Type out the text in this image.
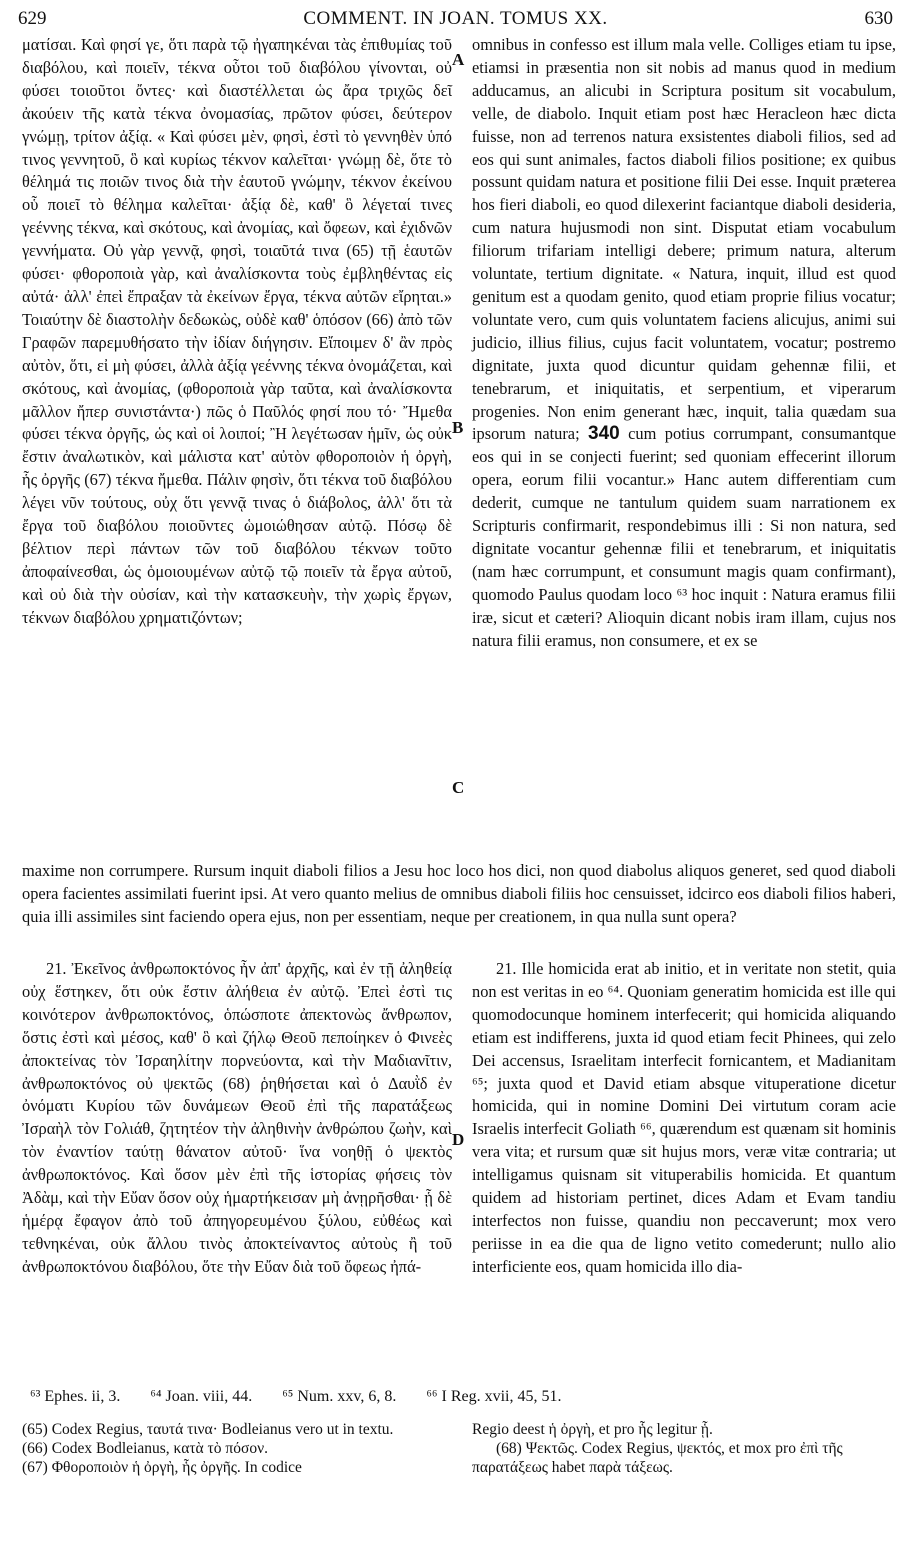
629	COMMENT. IN JOAN. TOMUS XX.	630

ματίσαι. Καὶ φησί γε, ὅτι παρὰ τῷ ἠγαπηκέναι τὰς ἐπιθυμίας τοῦ διαβόλου, καὶ ποιεῖν, τέκνα οὗτοι τοῦ διαβόλου γίνονται, οὐ φύσει τοιοῦτοι ὄντες· καὶ διαστέλλεται ὡς ἄρα τριχῶς δεῖ ἀκούειν τῆς κατὰ τέκνα ὀνομασίας, πρῶτον φύσει, δεύτερον γνώμῃ, τρίτον ἀξίᾳ. « Καὶ φύσει μὲν, φησὶ, ἐστὶ τὸ γεννηθὲν ὑπό τινος γεννητοῦ, ὃ καὶ κυρίως τέκνον καλεῖται· γνώμῃ δὲ, ὅτε τὸ θέλημά τις ποιῶν τινος διὰ τὴν ἑαυτοῦ γνώμην, τέκνον ἐκείνου οὗ ποιεῖ τὸ θέλημα καλεῖται· ἀξίᾳ δὲ, καθ' ὃ λέγεταί τινες γεέννης τέκνα, καὶ σκότους, καὶ ἀνομίας, καὶ ὄφεων, καὶ ἐχιδνῶν γεννήματα. Οὐ γὰρ γεννᾷ, φησὶ, τοιαῦτά τινα (65) τῇ ἑαυτῶν φύσει· φθοροποιὰ γὰρ, καὶ ἀναλίσκοντα τοὺς ἐμβληθέντας εἰς αὐτά· ἀλλ' ἐπεὶ ἔπραξαν τὰ ἐκείνων ἔργα, τέκνα αὐτῶν εἴρηται.» Τοιαύτην δὲ διαστολὴν δεδωκὼς, οὐδὲ καθ' ὁπόσον (66) ἀπὸ τῶν Γραφῶν παρεμυθήσατο τὴν ἰδίαν διήγησιν. Εἴποιμεν δ' ἂν πρὸς αὐτὸν, ὅτι, εἰ μὴ φύσει, ἀλλὰ ἀξίᾳ γεέννης τέκνα ὀνομάζεται, καὶ σκότους, καὶ ἀνομίας, (φθοροποιὰ γὰρ ταῦτα, καὶ ἀναλίσκοντα μᾶλλον ἤπερ συνιστάντα·) πῶς ὁ Παῦλός φησί που τό· Ἤμεθα φύσει τέκνα ὀργῆς, ὡς καὶ οἱ λοιποί; Ἢ λεγέτωσαν ἡμῖν, ὡς οὐκ ἔστιν ἀναλωτικὸν, καὶ μάλιστα κατ' αὐτὸν φθοροποιὸν ἡ ὀργὴ, ἧς ὀργῆς (67) τέκνα ἤμεθα. Πάλιν φησὶν, ὅτι τέκνα τοῦ διαβόλου λέγει νῦν τούτους, οὐχ ὅτι γεννᾷ τινας ὁ διάβολος, ἀλλ' ὅτι τὰ ἔργα τοῦ διαβόλου ποιοῦντες ὡμοιώθησαν αὐτῷ. Πόσῳ δὲ βέλτιον περὶ πάντων τῶν τοῦ διαβόλου τέκνων τοῦτο ἀποφαίνεσθαι, ὡς ὁμοιουμένων αὐτῷ τῷ ποιεῖν τὰ ἔργα αὐτοῦ, καὶ οὐ διὰ τὴν οὐσίαν, καὶ τὴν κατασκευὴν, τὴν χωρὶς ἔργων, τέκνων διαβόλου χρηματιζόντων;

A
B
C
D

omnibus in confesso est illum mala velle. Colliges etiam tu ipse, etiamsi in præsentia non sit nobis ad manus quod in medium adducamus, an alicubi in Scriptura positum sit vocabulum, velle, de diabolo. Inquit etiam post hæc Heracleon hæc dicta fuisse, non ad terrenos natura exsistentes diaboli filios, sed ad eos qui sunt animales, factos diaboli filios positione; ex quibus possunt quidam natura et positione filii Dei esse. Inquit præterea hos fieri diaboli, eo quod dilexerint faciantque diaboli desideria, cum natura hujusmodi non sint. Disputat etiam vocabulum filiorum trifariam intelligi debere; primum natura, alterum voluntate, tertium dignitate. « Natura, inquit, illud est quod genitum est a quodam genito, quod etiam proprie filius vocatur; voluntate vero, cum quis voluntatem faciens alicujus, animi sui judicio, illius filius, cujus facit voluntatem, vocatur; postremo dignitate, juxta quod dicuntur quidam gehennæ filii, et tenebrarum, et iniquitatis, et serpentium, et viperarum progenies. Non enim generant hæc, inquit, talia quædam sua ipsorum natura; 340 cum potius corrumpant, consumantque eos qui in se conjecti fuerint; sed quoniam effecerint illorum opera, eorum filii vocantur.» Hanc autem differentiam cum dederit, cumque ne tantulum quidem suam narrationem ex Scripturis confirmarit, respondebimus illi : Si non natura, sed dignitate vocantur gehennæ filii et tenebrarum, et iniquitatis (nam hæc corrumpunt, et consumunt magis quam confirmant), quomodo Paulus quodam loco ⁶³ hoc inquit : Natura eramus filii iræ, sicut et cæteri? Alioquin dicant nobis iram illam, cujus nos natura filii eramus, non consumere, et ex se

maxime non corrumpere. Rursum inquit diaboli filios a Jesu hoc loco hos dici, non quod diabolus aliquos generet, sed quod diaboli opera facientes assimilati fuerint ipsi. At vero quanto melius de omnibus diaboli filiis hoc censuisset, idcirco eos diaboli filios haberi, quia illi assimiles sint faciendo opera ejus, non per essentiam, neque per creationem, in qua nulla sunt opera?

21. Ἐκεῖνος ἀνθρωποκτόνος ἦν ἀπ' ἀρχῆς, καὶ ἐν τῇ ἀληθείᾳ οὐχ ἕστηκεν, ὅτι οὐκ ἔστιν ἀλήθεια ἐν αὐτῷ. Ἐπεὶ ἐστὶ τις κοινότερον ἀνθρωποκτόνος, ὁπώσποτε ἀπεκτονὼς ἄνθρωπον, ὅστις ἐστὶ καὶ μέσος, καθ' ὃ καὶ ζήλῳ Θεοῦ πεποίηκεν ὁ Φινεὲς ἀποκτείνας τὸν Ἰσραηλίτην πορνεύοντα, καὶ τὴν Μαδιανῖτιν, ἀνθρωποκτόνος οὐ ψεκτῶς (68) ῥηθήσεται καὶ ὁ Δαυῒδ ἐν ὀνόματι Κυρίου τῶν δυνάμεων Θεοῦ ἐπὶ τῆς παρατάξεως Ἰσραὴλ τὸν Γολιάθ, ζητητέον τὴν ἀληθινὴν ἀνθρώπου ζωὴν, καὶ τὸν ἐναντίον ταύτῃ θάνατον αὐτοῦ· ἵνα νοηθῇ ὁ ψεκτὸς ἀνθρωποκτόνος. Καὶ ὅσον μὲν ἐπὶ τῆς ἱστορίας φήσεις τὸν Ἀδὰμ, καὶ τὴν Εὔαν ὅσον οὐχ ἡμαρτήκεισαν μὴ ἀνῃρῆσθαι· ᾗ δὲ ἡμέρᾳ ἔφαγον ἀπὸ τοῦ ἀπηγορευμένου ξύλου, εὐθέως καὶ τεθνηκέναι, οὐκ ἄλλου τινὸς ἀποκτείναντος αὐτοὺς ἢ τοῦ ἀνθρωποκτόνου διαβόλου, ὅτε τὴν Εὔαν διὰ τοῦ ὄφεως ἠπά-

21. Ille homicida erat ab initio, et in veritate non stetit, quia non est veritas in eo ⁶⁴. Quoniam generatim homicida est ille qui quomodocunque hominem interfecerit; qui homicida aliquando etiam est indifferens, juxta id quod etiam fecit Phinees, qui zelo Dei accensus, Israelitam interfecit fornicantem, et Madianitam ⁶⁵; juxta quod et David etiam absque vituperatione dicetur homicida, qui in nomine Domini Dei virtutum coram acie Israelis interfecit Goliath ⁶⁶, quærendum est quænam sit hominis vera vita; et rursum quæ sit hujus mors, veræ vitæ contraria; ut intelligamus quisnam sit vituperabilis homicida. Et quantum quidem ad historiam pertinet, dices Adam et Evam tandiu interfectos non fuisse, quandiu non peccaverunt; mox vero periisse in ea die qua de ligno vetito comederunt; nullo alio interficiente eos, quam homicida illo dia-

⁶³ Ephes. ii, 3. ⁶⁴ Joan. viii, 44. ⁶⁵ Num. xxv, 6, 8. ⁶⁶ I Reg. xvii, 45, 51.

(65) Codex Regius, ταυτά τινα· Bodleianus vero ut in textu.

(66) Codex Bodleianus, κατὰ τὸ πόσον.

(67) Φθοροποιὸν ἡ ὀργὴ, ἧς ὀργῆς. In codice

Regio deest ἡ ὀργὴ, et pro ἧς legitur ᾗ.

(68) Ψεκτῶς. Codex Regius, ψεκτός, et mox pro ἐπὶ τῆς παρατάξεως habet παρὰ τάξεως.
